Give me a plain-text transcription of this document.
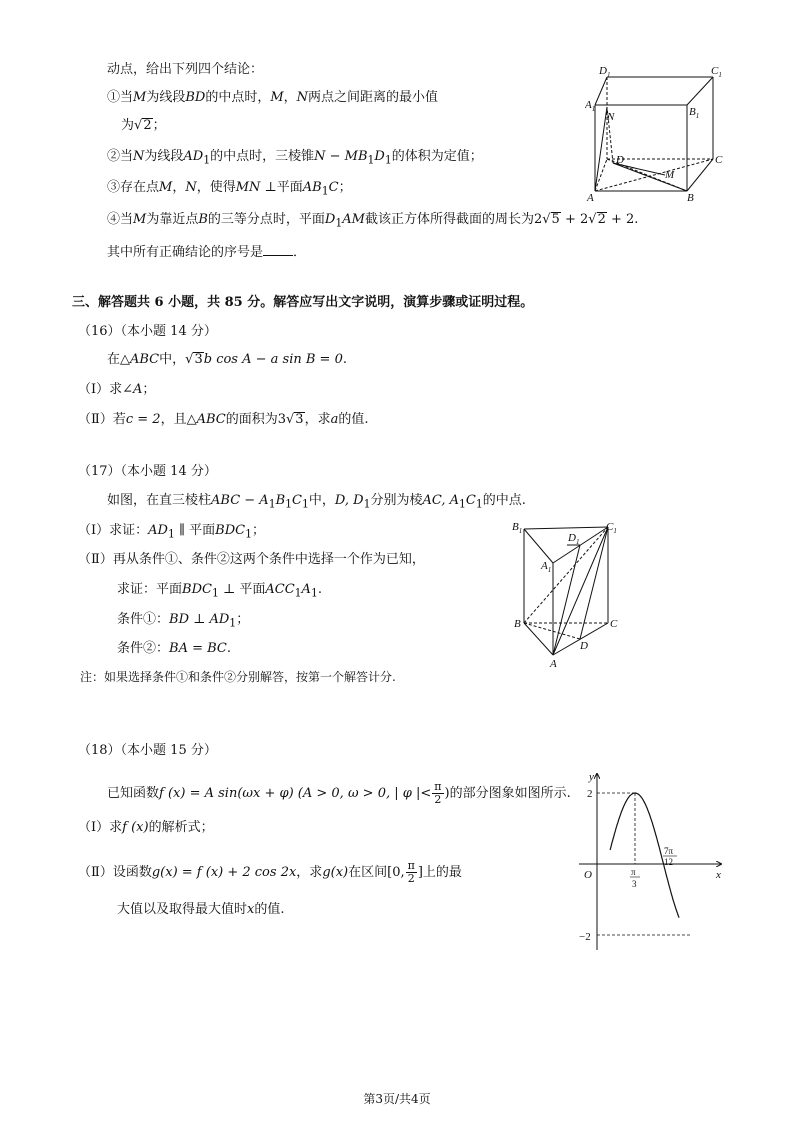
动点，给出下列四个结论：
①当M为线段BD的中点时，M，N两点之间距离的最小值
为√2；
②当N为线段$AD_1$的中点时，三棱锥$N - MB_1D_1$的体积为定值；
③存在点M，N，使得MN ⊥平面$AB_1C$；
④当M为靠近点B的三等分点时，平面$D_1AM$截该正方体所得截面的周长为2√5 + 2√2 + 2.
其中所有正确结论的序号是 ．
$D_1$	$C_1$
$A_1$	$B_1$
N
D	C
A
M
B
三、解答题共 6 小题，共 85 分。解答应写出文字说明，演算步骤或证明过程。
（16）（本小题 14 分）
在△ABC中，√3b cos A − a sin B = 0.
（Ⅰ）求∠A；
（Ⅱ）若c = 2，且△ABC的面积为3√3，求a的值.
（17）（本小题 14 分）
如图，在直三棱柱ABC − $A_1B_1C_1$中，D, $D_1$分别为棱AC, $A_1C_1$的中点.
（Ⅰ）求证：$AD_1$ ∥ 平面$BDC_1$；
（Ⅱ）再从条件①、条件②这两个条件中选择一个作为已知，
求证：平面$BDC_1$ ⊥ 平面$ACC_1A_1$.
条件①：BD ⊥ $AD_1$；
条件②：BA = BC.
注：如果选择条件①和条件②分别解答，按第一个解答计分.
$B_1$	$C_1$
$D_1$
$A_1$
B	C
D
A
（18）（本小题 15 分）
已知函数f (x) = A sin(ωx + φ) (A > 0, ω > 0, | φ |< $\frac{\pi}{2}$ )的部分图象如图所示.
（Ⅰ）求f (x)的解析式；
（Ⅱ）设函数g(x) = f (x) + 2 cos 2x，求g(x)在区间[0, $\frac{\pi}{2}$ ]上的最
大值以及取得最大值时x的值.
y
x
O
2
−2
π
3
7π
12
第3页/共4页
